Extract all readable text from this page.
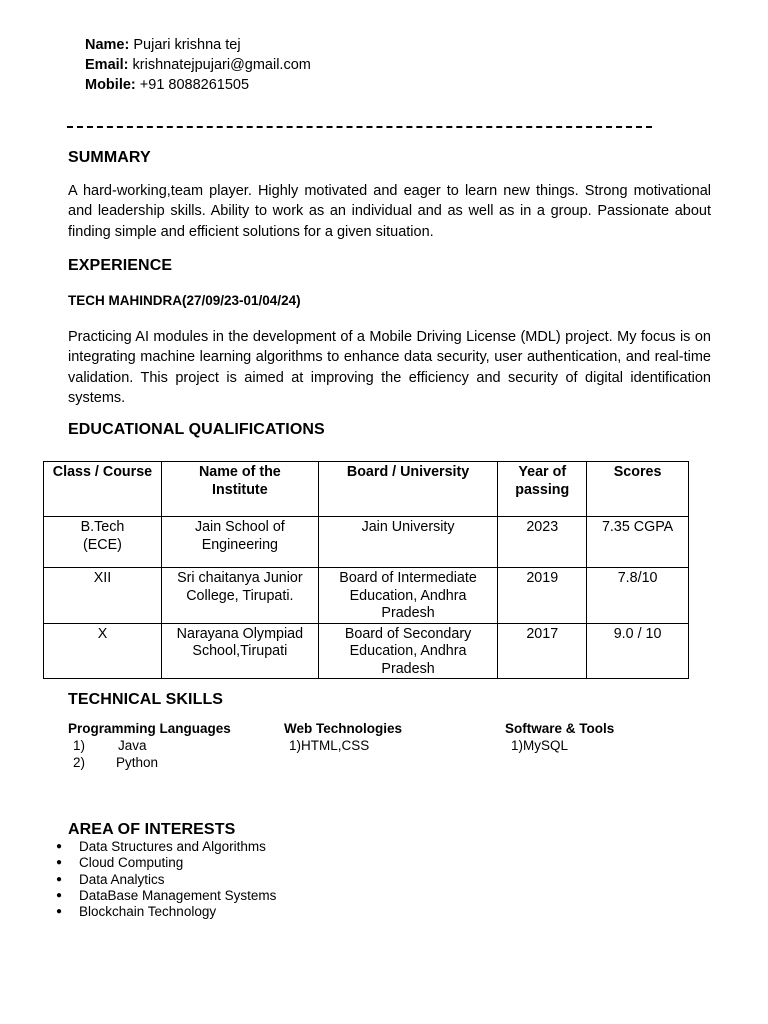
Name: Pujari krishna tej
Email: krishnatejpujari@gmail.com
Mobile: +91 8088261505
SUMMARY
A hard-working,team player. Highly motivated and eager to learn new things. Strong motivational and leadership skills. Ability to work as an individual and as well as in a group. Passionate about finding simple and efficient solutions for a given situation.
EXPERIENCE
TECH MAHINDRA(27/09/23-01/04/24)
Practicing AI modules in the development of a Mobile Driving License (MDL) project. My focus is on integrating machine learning algorithms to enhance data security, user authentication, and real-time validation. This project is aimed at improving the efficiency and security of digital identification systems.
EDUCATIONAL QUALIFICATIONS
Class / Course	Name of the Institute	Board / University	Year of passing	Scores
B.Tech (ECE)	Jain School of Engineering	Jain University	2023	7.35 CGPA
XII	Sri chaitanya Junior College, Tirupati.	Board of Intermediate Education, Andhra Pradesh	2019	7.8/10
X	Narayana Olympiad School,Tirupati	Board of Secondary Education, Andhra Pradesh	2017	9.0 / 10
TECHNICAL SKILLS
Programming Languages
1) Java
2) Python
Web Technologies
1)HTML,CSS
Software & Tools
1)MySQL
AREA OF INTERESTS
● Data Structures and Algorithms
● Cloud Computing
● Data Analytics
● DataBase Management Systems
● Blockchain Technology
